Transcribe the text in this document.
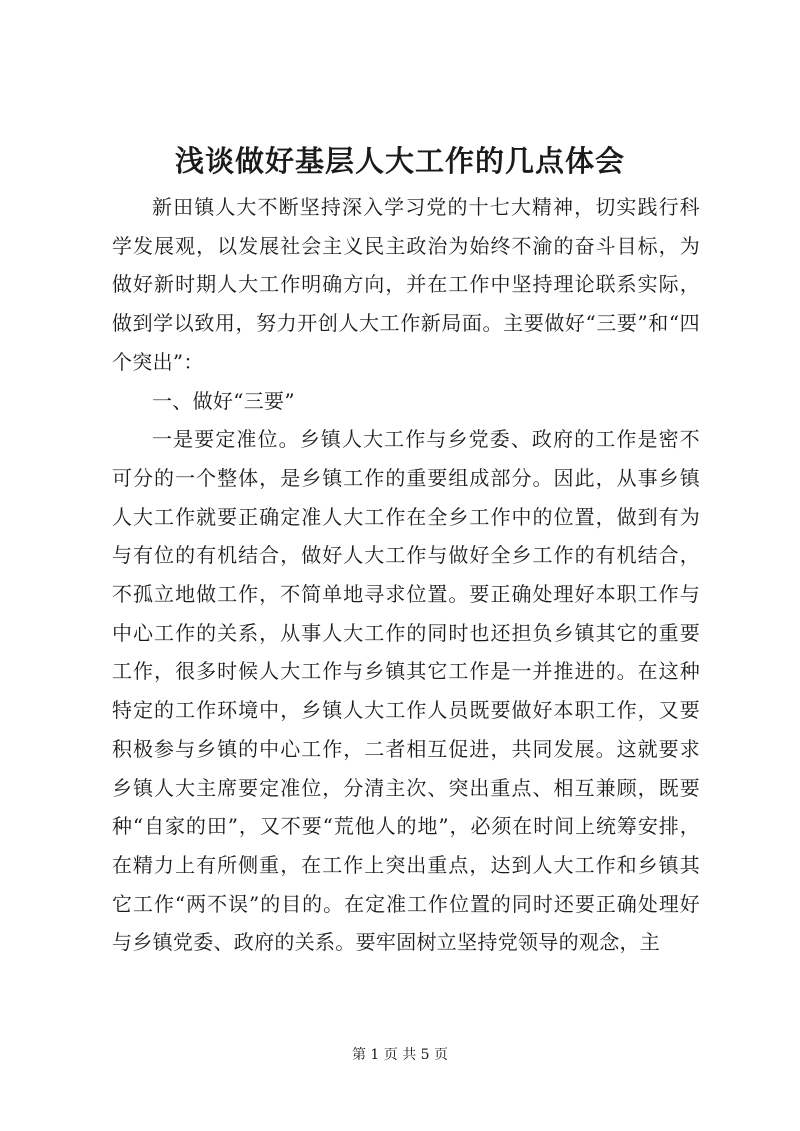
浅谈做好基层人大工作的几点体会

新田镇人大不断坚持深入学习党的十七大精神，切实践行科学发展观，以发展社会主义民主政治为始终不渝的奋斗目标，为做好新时期人大工作明确方向，并在工作中坚持理论联系实际，做到学以致用，努力开创人大工作新局面。主要做好“三要”和“四个突出”：

一、做好“三要”

一是要定准位。乡镇人大工作与乡党委、政府的工作是密不可分的一个整体，是乡镇工作的重要组成部分。因此，从事乡镇人大工作就要正确定准人大工作在全乡工作中的位置，做到有为与有位的有机结合，做好人大工作与做好全乡工作的有机结合，不孤立地做工作，不简单地寻求位置。要正确处理好本职工作与中心工作的关系，从事人大工作的同时也还担负乡镇其它的重要工作，很多时候人大工作与乡镇其它工作是一并推进的。在这种特定的工作环境中，乡镇人大工作人员既要做好本职工作，又要积极参与乡镇的中心工作，二者相互促进，共同发展。这就要求乡镇人大主席要定准位，分清主次、突出重点、相互兼顾，既要种“自家的田”，又不要“荒他人的地”，必须在时间上统筹安排，在精力上有所侧重，在工作上突出重点，达到人大工作和乡镇其它工作“两不误”的目的。在定准工作位置的同时还要正确处理好与乡镇党委、政府的关系。要牢固树立坚持党领导的观念，主

第 1 页 共 5 页
